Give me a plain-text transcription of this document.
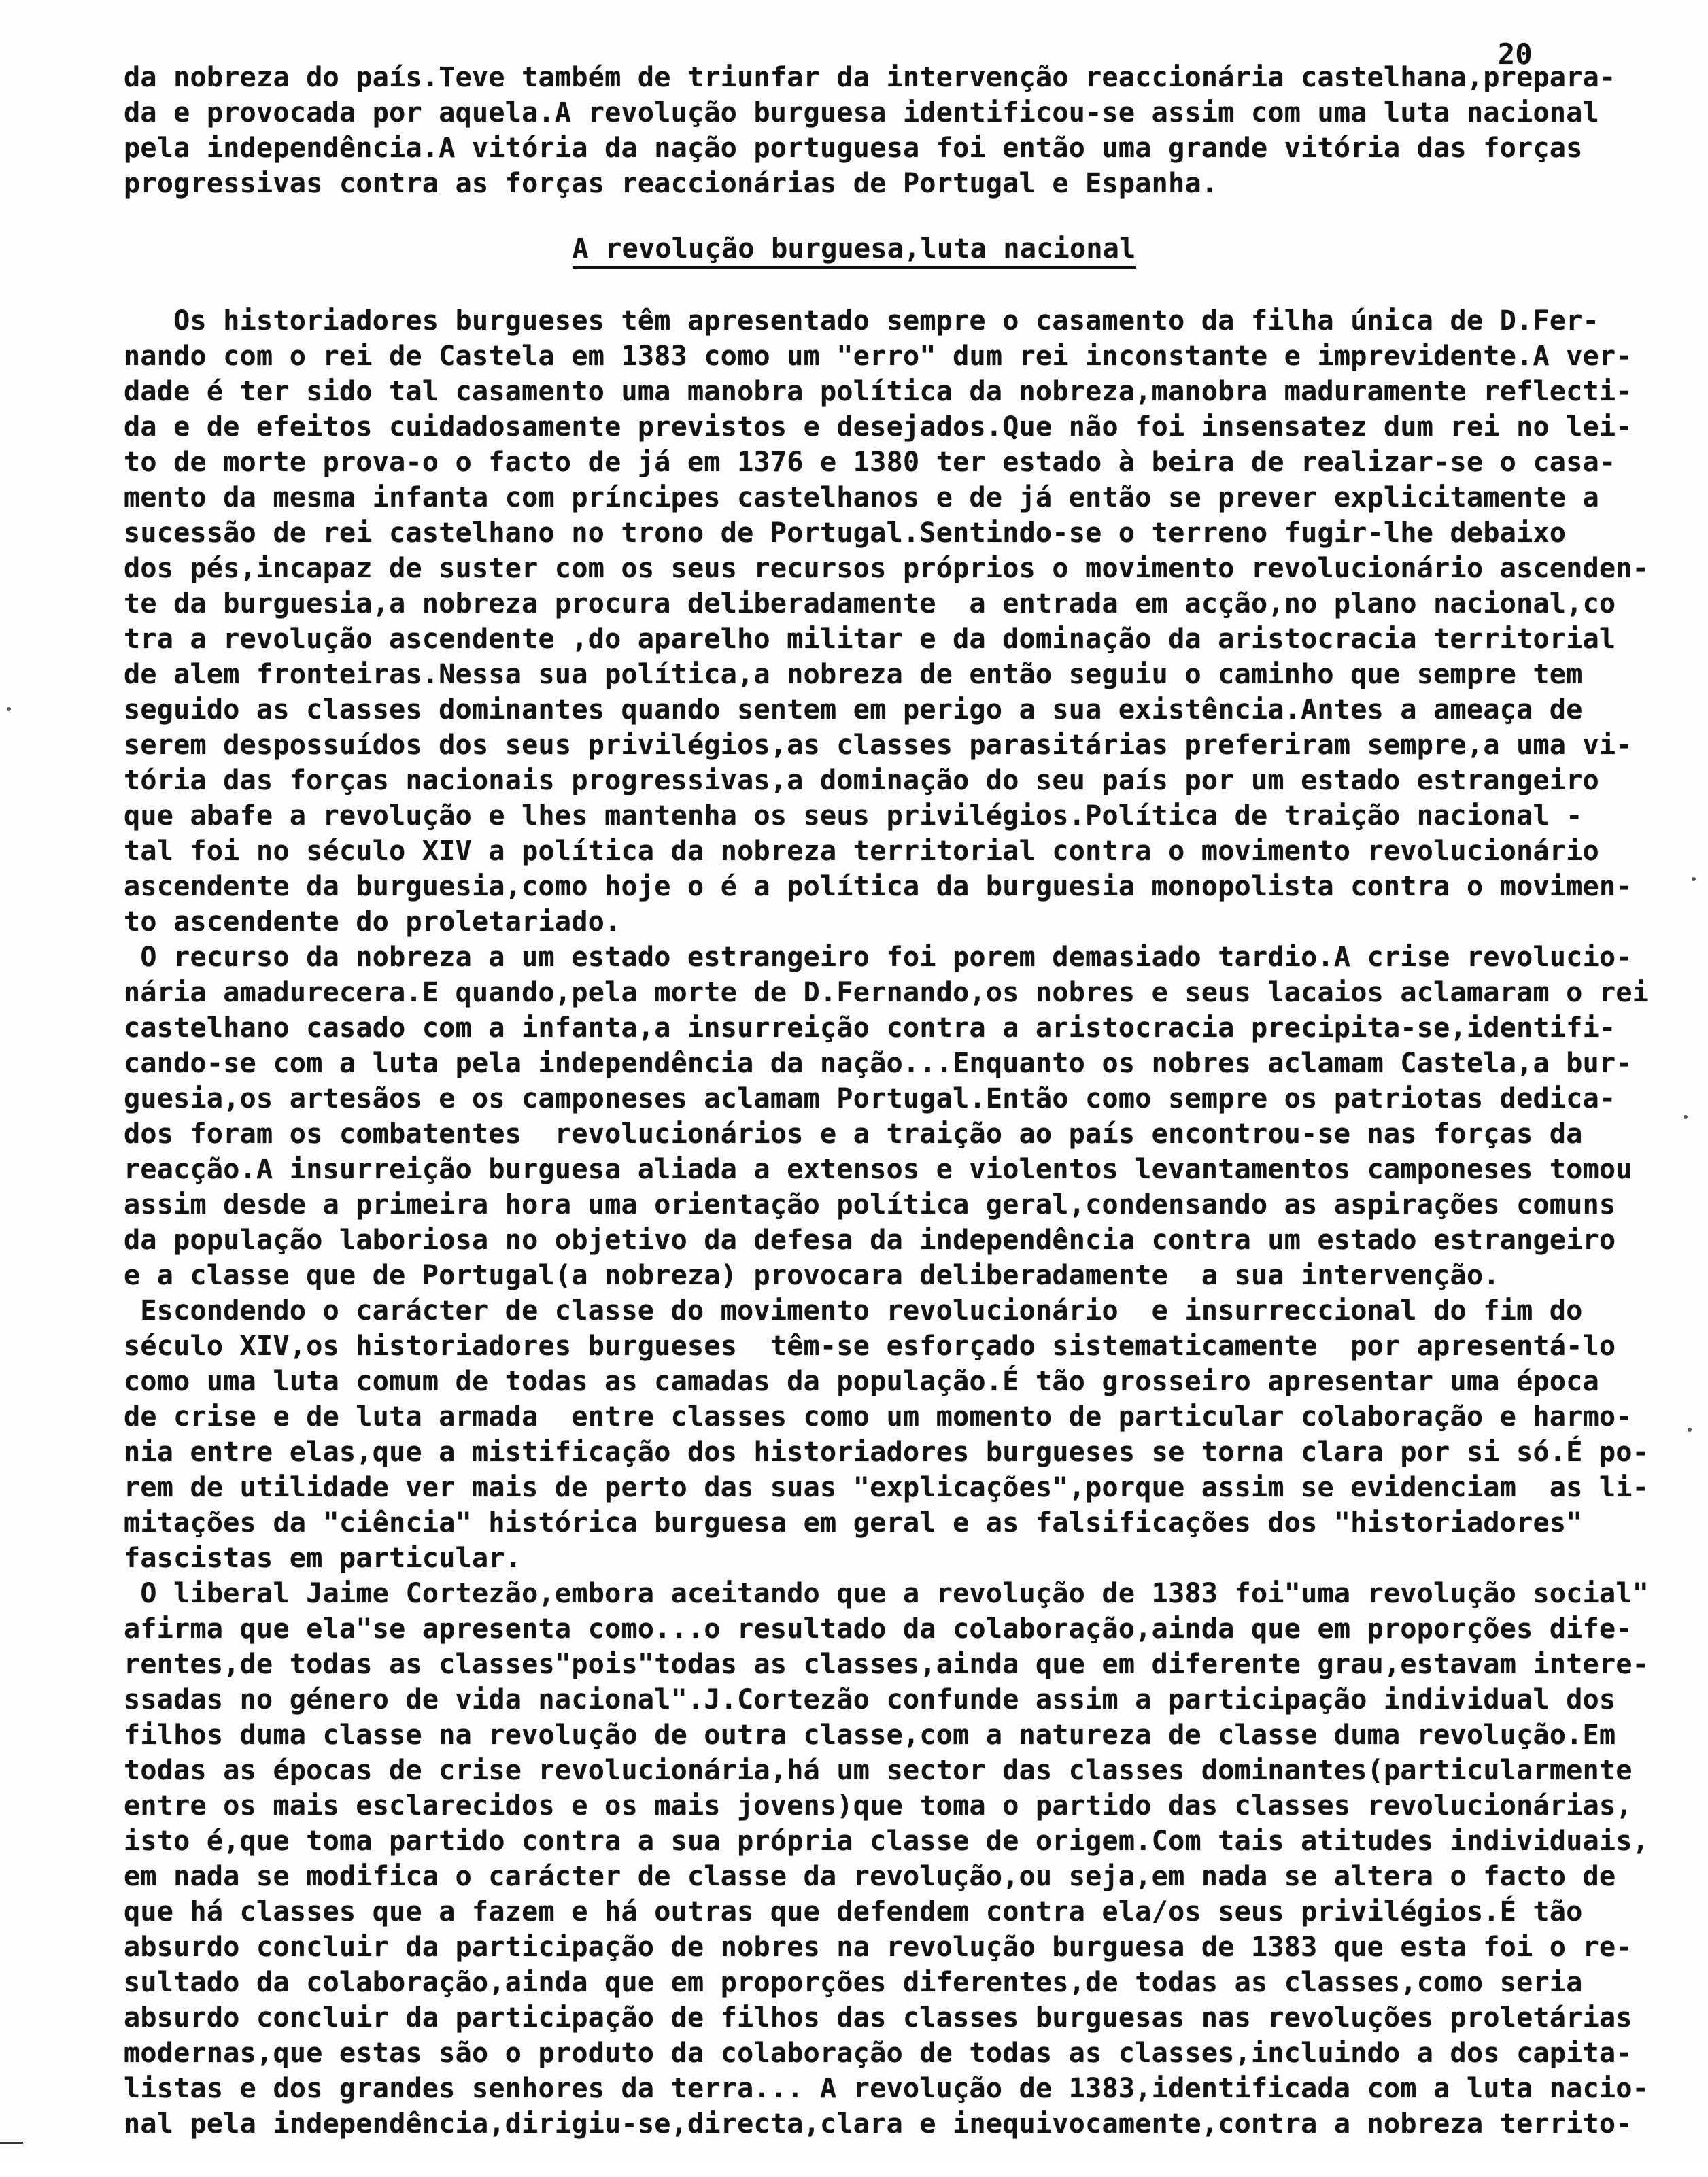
20
da nobreza do país.Teve também de triunfar da intervenção reaccionária castelhana,prepara-
da e provocada por aquela.A revolução burguesa identificou-se assim com uma luta nacional
pela independência.A vitória da nação portuguesa foi então uma grande vitória das forças
progressivas contra as forças reaccionárias de Portugal e Espanha.
A revolução burguesa,luta nacional
Os historiadores burgueses têm apresentado sempre o casamento da filha única de D.Fer-
nando com o rei de Castela em 1383 como um "erro" dum rei inconstante e imprevidente.A ver-
dade é ter sido tal casamento uma manobra política da nobreza,manobra maduramente reflecti-
da e de efeitos cuidadosamente previstos e desejados.Que não foi insensatez dum rei no lei-
to de morte prova-o o facto de já em 1376 e 1380 ter estado à beira de realizar-se o casa-
mento da mesma infanta com príncipes castelhanos e de já então se prever explicitamente a
sucessão de rei castelhano no trono de Portugal.Sentindo-se o terreno fugir-lhe debaixo
dos pés,incapaz de suster com os seus recursos próprios o movimento revolucionário ascenden-
te da burguesia,a nobreza procura deliberadamente  a entrada em acção,no plano nacional,co
tra a revolução ascendente ,do aparelho militar e da dominação da aristocracia territorial
de alem fronteiras.Nessa sua política,a nobreza de então seguiu o caminho que sempre tem
seguido as classes dominantes quando sentem em perigo a sua existência.Antes a ameaça de
serem despossuídos dos seus privilégios,as classes parasitárias preferiram sempre,a uma vi-
tória das forças nacionais progressivas,a dominação do seu país por um estado estrangeiro
que abafe a revolução e lhes mantenha os seus privilégios.Política de traição nacional -
tal foi no século XIV a política da nobreza territorial contra o movimento revolucionário
ascendente da burguesia,como hoje o é a política da burguesia monopolista contra o movimen-
to ascendente do proletariado.
O recurso da nobreza a um estado estrangeiro foi porem demasiado tardio.A crise revolucio-
nária amadurecera.E quando,pela morte de D.Fernando,os nobres e seus lacaios aclamaram o rei
castelhano casado com a infanta,a insurreição contra a aristocracia precipita-se,identifi-
cando-se com a luta pela independência da nação...Enquanto os nobres aclamam Castela,a bur-
guesia,os artesãos e os camponeses aclamam Portugal.Então como sempre os patriotas dedica-
dos foram os combatentes  revolucionários e a traição ao país encontrou-se nas forças da
reacção.A insurreição burguesa aliada a extensos e violentos levantamentos camponeses tomou
assim desde a primeira hora uma orientação política geral,condensando as aspirações comuns
da população laboriosa no objetivo da defesa da independência contra um estado estrangeiro
e a classe que de Portugal(a nobreza) provocara deliberadamente  a sua intervenção.
Escondendo o carácter de classe do movimento revolucionário  e insurreccional do fim do
século XIV,os historiadores burgueses  têm-se esforçado sistematicamente  por apresentá-lo
como uma luta comum de todas as camadas da população.É tão grosseiro apresentar uma época
de crise e de luta armada  entre classes como um momento de particular colaboração e harmo-
nia entre elas,que a mistificação dos historiadores burgueses se torna clara por si só.É po-
rem de utilidade ver mais de perto das suas "explicações",porque assim se evidenciam  as li-
mitações da "ciência" histórica burguesa em geral e as falsificações dos "historiadores"
fascistas em particular.
O liberal Jaime Cortezão,embora aceitando que a revolução de 1383 foi"uma revolução social"
afirma que ela"se apresenta como...o resultado da colaboração,ainda que em proporções dife-
rentes,de todas as classes"pois"todas as classes,ainda que em diferente grau,estavam intere-
ssadas no género de vida nacional".J.Cortezão confunde assim a participação individual dos
filhos duma classe na revolução de outra classe,com a natureza de classe duma revolução.Em
todas as épocas de crise revolucionária,há um sector das classes dominantes(particularmente
entre os mais esclarecidos e os mais jovens)que toma o partido das classes revolucionárias,
isto é,que toma partido contra a sua própria classe de origem.Com tais atitudes individuais,
em nada se modifica o carácter de classe da revolução,ou seja,em nada se altera o facto de
que há classes que a fazem e há outras que defendem contra ela/os seus privilégios.É tão
absurdo concluir da participação de nobres na revolução burguesa de 1383 que esta foi o re-
sultado da colaboração,ainda que em proporções diferentes,de todas as classes,como seria
absurdo concluir da participação de filhos das classes burguesas nas revoluções proletárias
modernas,que estas são o produto da colaboração de todas as classes,incluindo a dos capita-
listas e dos grandes senhores da terra... A revolução de 1383,identificada com a luta nacio-
nal pela independência,dirigiu-se,directa,clara e inequivocamente,contra a nobreza territo-
